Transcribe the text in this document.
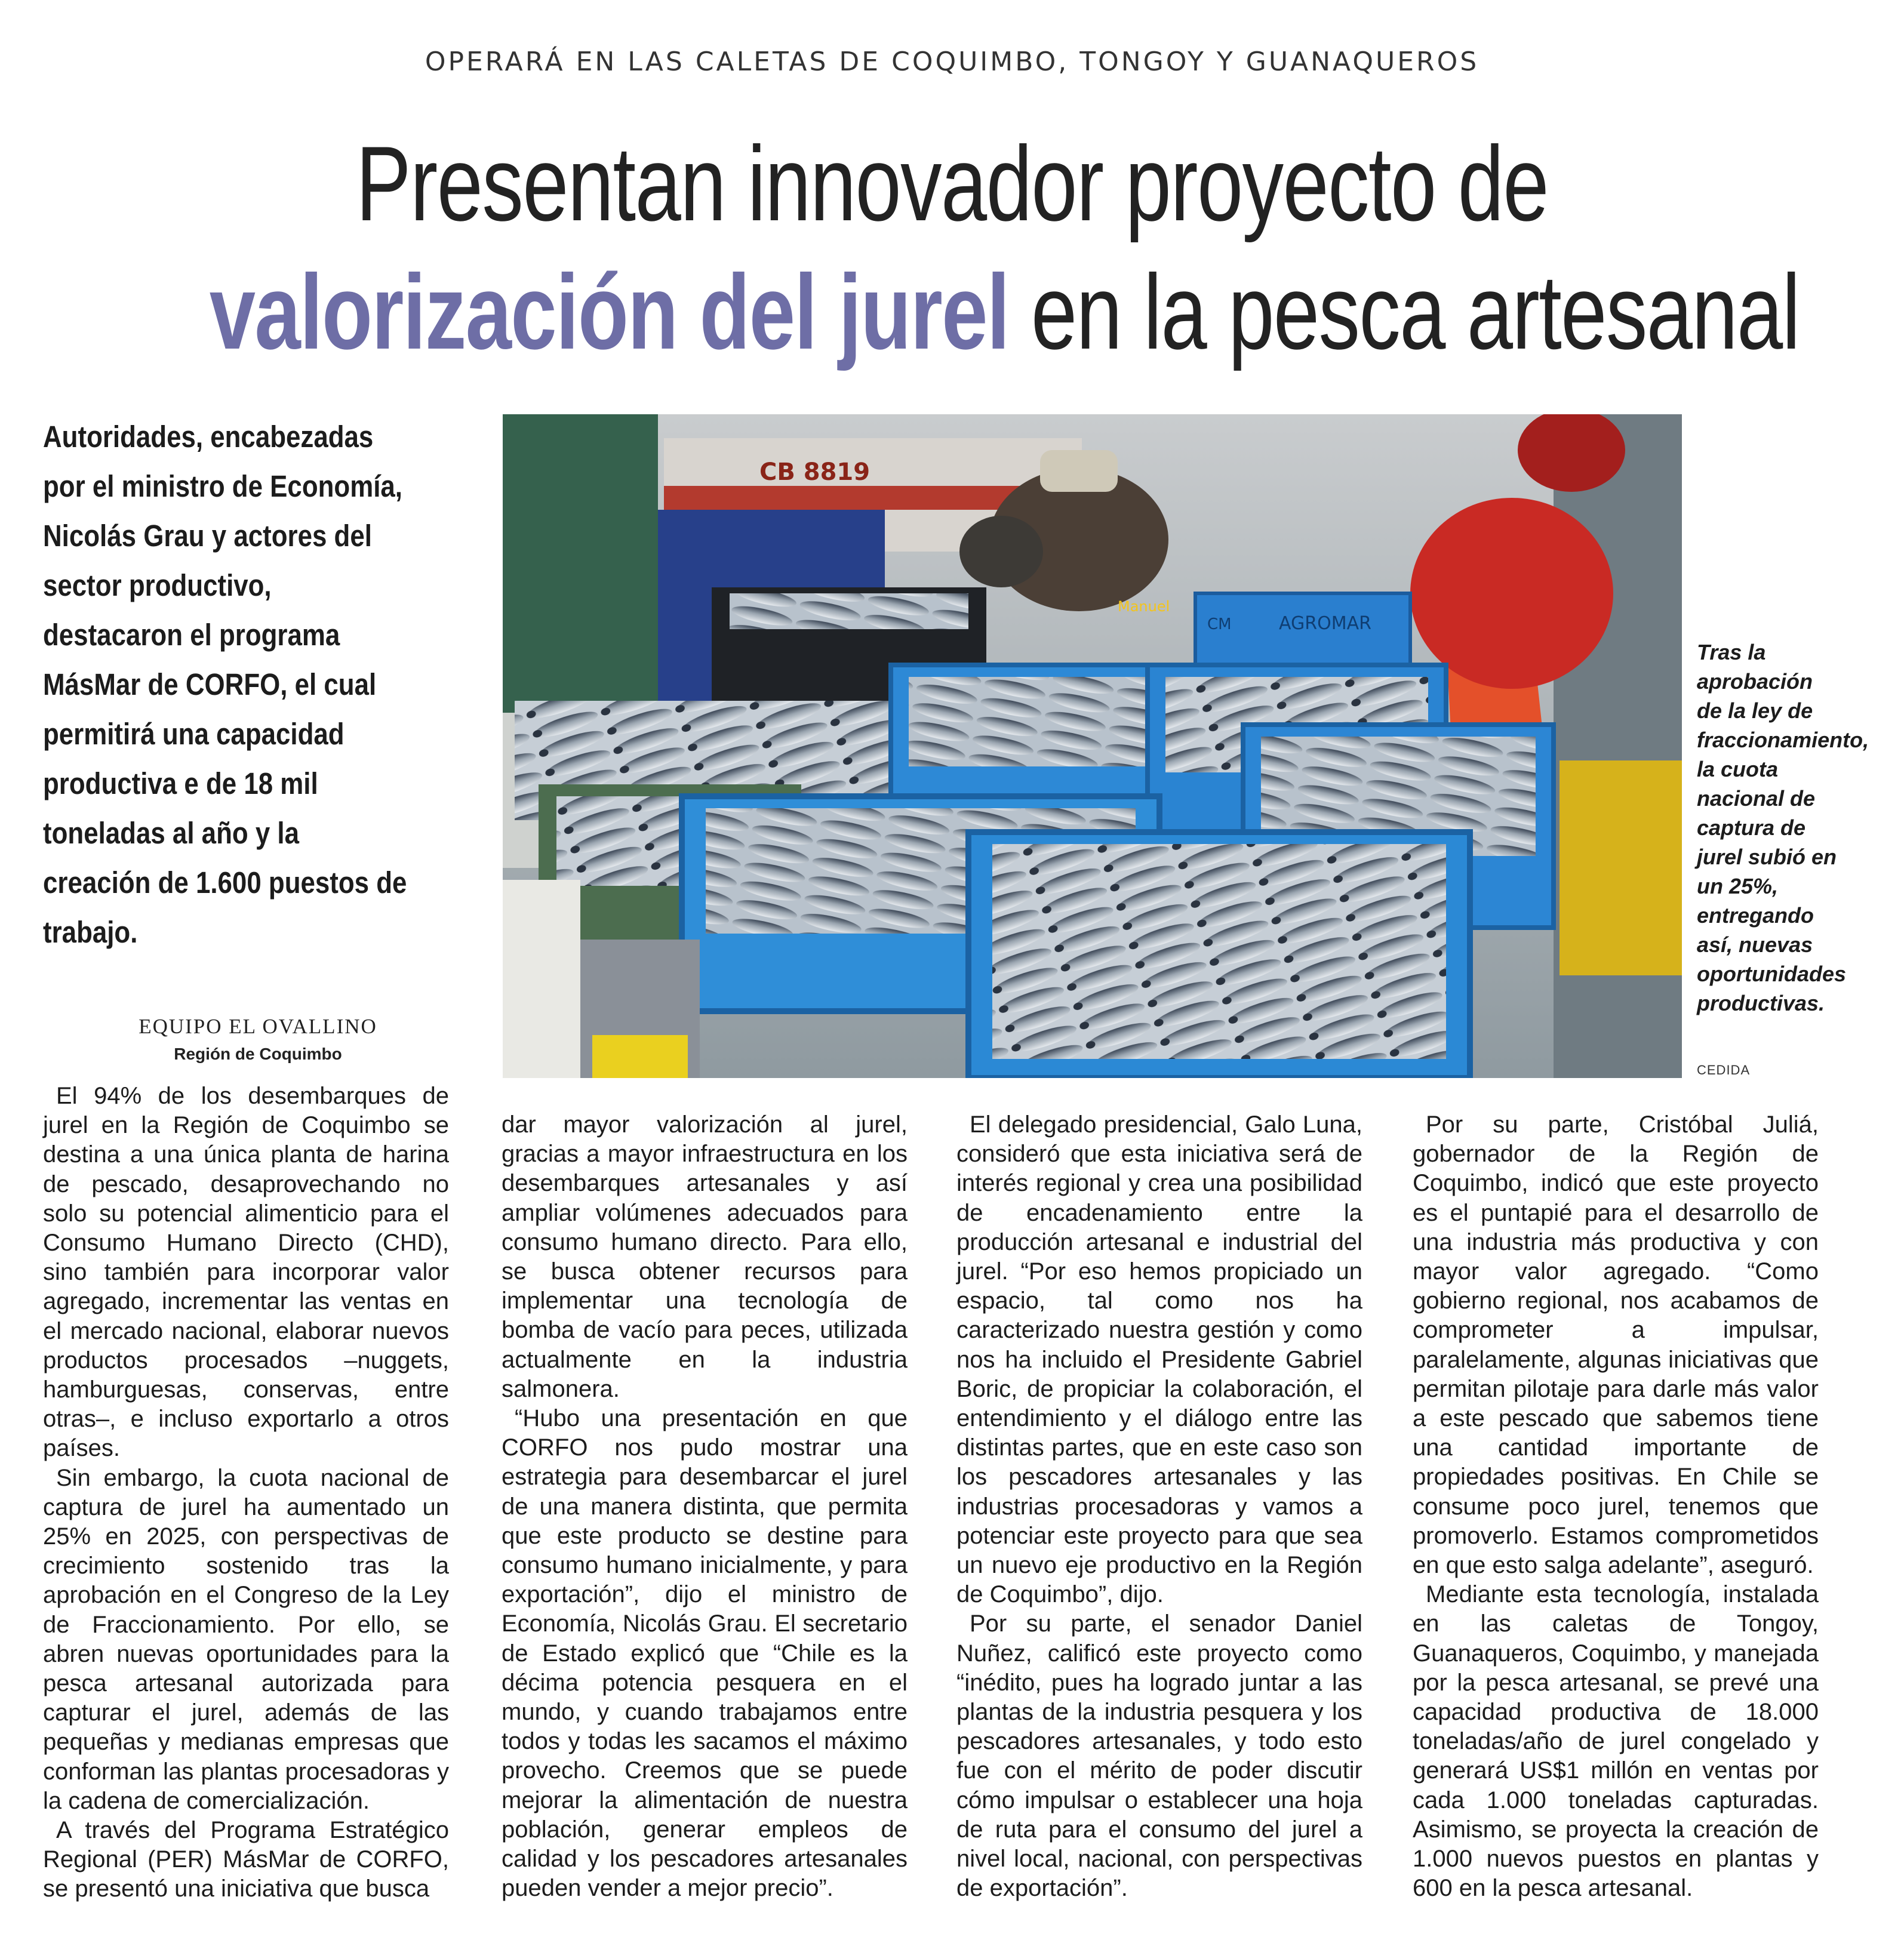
OPERARÁ EN LAS CALETAS DE COQUIMBO, TONGOY Y GUANAQUEROS
Presentan innovador proyecto de
valorización del jurel en la pesca artesanal
Autoridades, encabezadas por el ministro de Economía, Nicolás Grau y actores del sector productivo, destacaron el programa MásMar de CORFO, el cual permitirá una capacidad productiva e de 18 mil toneladas al año y la creación de 1.600 puestos de trabajo.
CB 8819
AGROMAR
CM
Manuel
Tras la aprobación de la ley de fraccionamiento, la cuota nacional de captura de jurel subió en un 25%, entregando así, nuevas oportunidades productivas.
CEDIDA
EQUIPO EL OVALLINO
Región de Coquimbo

El 94% de los desembarques de jurel en la Región de Coquimbo se destina a una única planta de harina de pescado, desaprovechando no solo su potencial alimenticio para el Consumo Humano Directo (CHD), sino también para incorporar valor agregado, incrementar las ventas en el mercado nacional, elaborar nuevos productos procesados –nuggets, hamburguesas, conservas, entre otras–, e incluso exportarlo a otros países.

Sin embargo, la cuota nacional de captura de jurel ha aumentado un 25% en 2025, con perspectivas de crecimiento sostenido tras la aprobación en el Congreso de la Ley de Fraccionamiento. Por ello, se abren nuevas oportunidades para la pesca artesanal autorizada para capturar el jurel, además de las pequeñas y medianas empresas que conforman las plantas procesadoras y la cadena de comercialización.

A través del Programa Estratégico Regional (PER) MásMar de CORFO, se presentó una iniciativa que busca

dar mayor valorización al jurel, gracias a mayor infraestructura en los desembarques artesanales y así ampliar volúmenes adecuados para consumo humano directo. Para ello, se busca obtener recursos para implementar una tecnología de bomba de vacío para peces, utilizada actualmente en la industria salmonera.

“Hubo una presentación en que CORFO nos pudo mostrar una estrategia para desembarcar el jurel de una manera distinta, que permita que este producto se destine para consumo humano inicialmente, y para exportación”, dijo el ministro de Economía, Nicolás Grau. El secretario de Estado explicó que “Chile es la décima potencia pesquera en el mundo, y cuando trabajamos entre todos y todas les sacamos el máximo provecho. Creemos que se puede mejorar la alimentación de nuestra población, generar empleos de calidad y los pescadores artesanales pueden vender a mejor precio”.

El delegado presidencial, Galo Luna, consideró que esta iniciativa será de interés regional y crea una posibilidad de encadenamiento entre la producción artesanal e industrial del jurel. “Por eso hemos propiciado un espacio, tal como nos ha caracterizado nuestra gestión y como nos ha incluido el Presidente Gabriel Boric, de propiciar la colaboración, el entendimiento y el diálogo entre las distintas partes, que en este caso son los pescadores artesanales y las industrias procesadoras y vamos a potenciar este proyecto para que sea un nuevo eje productivo en la Región de Coquimbo”, dijo.

Por su parte, el senador Daniel Nuñez, calificó este proyecto como “inédito, pues ha logrado juntar a las plantas de la industria pesquera y los pescadores artesanales, y todo esto fue con el mérito de poder discutir cómo impulsar o establecer una hoja de ruta para el consumo del jurel a nivel local, nacional, con perspectivas de exportación”.

Por su parte, Cristóbal Juliá, gobernador de la Región de Coquimbo, indicó que este proyecto es el puntapié para el desarrollo de una industria más productiva y con mayor valor agregado. “Como gobierno regional, nos acabamos de comprometer a impulsar, paralelamente, algunas iniciativas que permitan pilotaje para darle más valor a este pescado que sabemos tiene una cantidad importante de propiedades positivas. En Chile se consume poco jurel, tenemos que promoverlo. Estamos comprometidos en que esto salga adelante”, aseguró.

Mediante esta tecnología, instalada en las caletas de Tongoy, Guanaqueros, Coquimbo, y manejada por la pesca artesanal, se prevé una capacidad productiva de 18.000 toneladas/año de jurel congelado y generará US$1 millón en ventas por cada 1.000 toneladas capturadas. Asimismo, se proyecta la creación de 1.000 nuevos puestos en plantas y 600 en la pesca artesanal.
